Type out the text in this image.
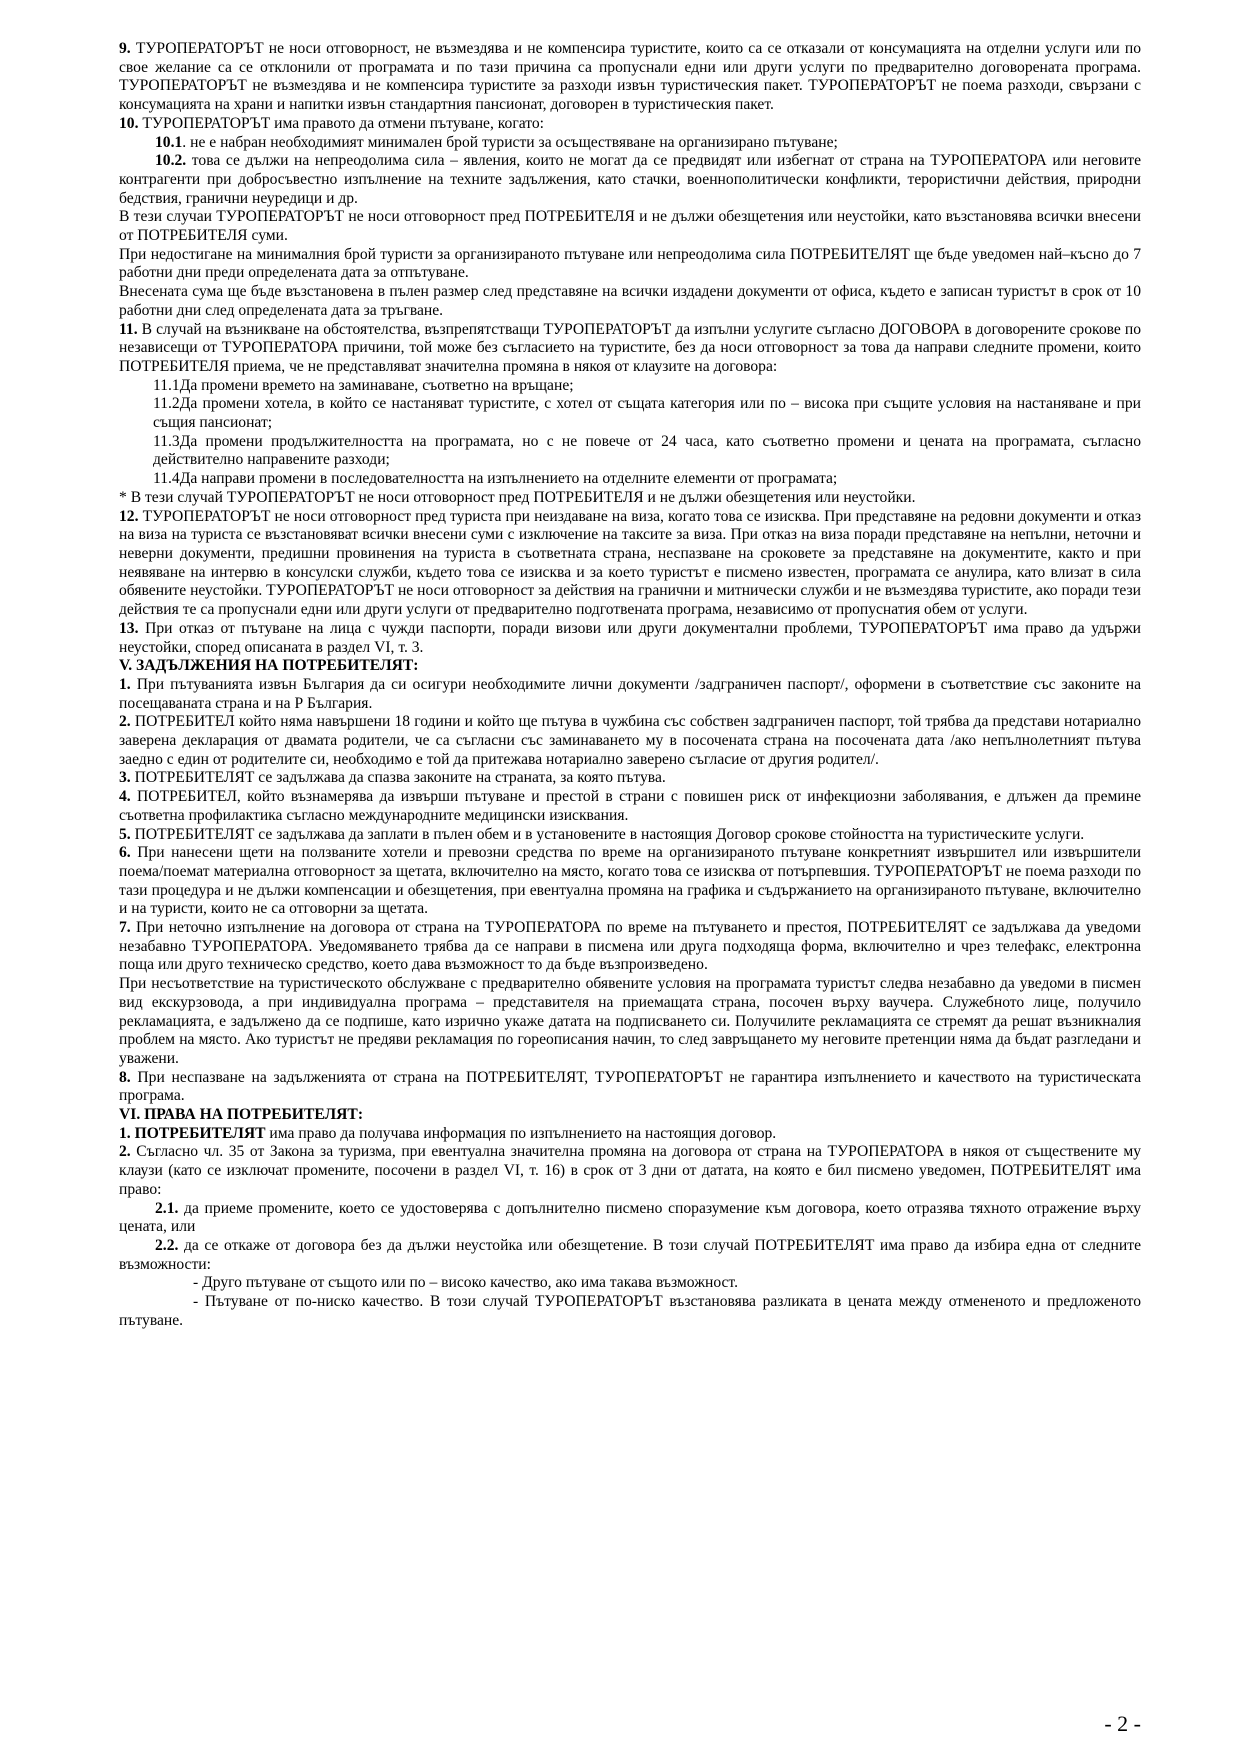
9. ТУРОПЕРАТОРЪТ не носи отговорност, не възмездява и не компенсира туристите, които са се отказали от консумацията на отделни услуги или по свое желание са се отклонили от програмата и по тази причина са пропуснали едни или други услуги по предварително договорената програма. ТУРОПЕРАТОРЪТ не възмездява и не компенсира туристите за разходи извън туристическия пакет. ТУРОПЕРАТОРЪТ не поема разходи, свързани с консумацията на храни и напитки извън стандартния пансионат, договорен в туристическия пакет.

10. ТУРОПЕРАТОРЪТ има правото да отмени пътуване, когато:

10.1. не е набран необходимият минимален брой туристи за осъществяване на организирано пътуване;

10.2. това се дължи на непреодолима сила – явления, които не могат да се предвидят или избегнат от страна на ТУРОПЕРАТОРА или неговите контрагенти при добросъвестно изпълнение на техните задължения, като стачки, военнополитически конфликти, терористични действия, природни бедствия, гранични неуредици и др.

В тези случаи ТУРОПЕРАТОРЪТ не носи отговорност пред ПОТРЕБИТЕЛЯ и не дължи обезщетения или неустойки, като възстановява всички внесени от ПОТРЕБИТЕЛЯ суми.

При недостигане на минималния брой туристи за организираното пътуване или непреодолима сила ПОТРЕБИТЕЛЯТ ще бъде уведомен най–късно до 7 работни дни преди определената дата за отпътуване.

Внесената сума ще бъде възстановена в пълен размер след представяне на всички издадени документи от офиса, където е записан туристът в срок от 10 работни дни след определената дата за тръгване.

11. В случай на възникване на обстоятелства, възпрепятстващи ТУРОПЕРАТОРЪТ да изпълни услугите съгласно ДОГОВОРА в договорените срокове по независещи от ТУРОПЕРАТОРА причини, той може без съгласието на туристите, без да носи отговорност за това да направи следните промени, които ПОТРЕБИТЕЛЯ приема, че не представляват значителна промяна в някоя от клаузите на договора:

11.1Да промени времето на заминаване, съответно на връщане;

11.2Да промени хотела, в който се настаняват туристите, с хотел от същата категория или по – висока при същите условия на настаняване и при същия пансионат;

11.3Да промени продължителността на програмата, но с не повече от 24 часа, като съответно промени и цената на програмата, съгласно действително направените разходи;

11.4Да направи промени в последователността на изпълнението на отделните елементи от програмата;

* В тези случай ТУРОПЕРАТОРЪТ не носи отговорност пред ПОТРЕБИТЕЛЯ и не дължи обезщетения или неустойки.

12. ТУРОПЕРАТОРЪТ не носи отговорност пред туриста при неиздаване на виза, когато това се изисква. При представяне на редовни документи и отказ на виза на туриста се възстановяват всички внесени суми с изключение на таксите за виза. При отказ на виза поради представяне на непълни, неточни и неверни документи, предишни провинения на туриста в съответната страна, неспазване на сроковете за представяне на документите, както и при неявяване на интервю в консулски служби, където това се изисква и за което туристът е писмено известен, програмата се анулира, като влизат в сила обявените неустойки. ТУРОПЕРАТОРЪТ не носи отговорност за действия на гранични и митнически служби и не възмездява туристите, ако поради тези действия те са пропуснали едни или други услуги от предварително подготвената програма, независимо от пропуснатия обем от услуги.

13. При отказ от пътуване на лица с чужди паспорти, поради визови или други документални проблеми, ТУРОПЕРАТОРЪТ има право да удържи неустойки, според описаната в раздел VI, т. 3.

V. ЗАДЪЛЖЕНИЯ НА ПОТРЕБИТЕЛЯТ:

1. При пътуванията извън България да си осигури необходимите лични документи /задграничен паспорт/, оформени в съответствие със законите на посещаваната страна и на Р България.

2. ПОТРЕБИТЕЛ който няма навършени 18 години и който ще пътува в чужбина със собствен задграничен паспорт, той трябва да представи нотариално заверена декларация от двамата родители, че са съгласни със заминаването му в посочената страна на посочената дата /ако непълнолетният пътува заедно с един от родителите си, необходимо е той да притежава нотариално заверено съгласие от другия родител/.

3. ПОТРЕБИТЕЛЯТ се задължава да спазва законите на страната, за която пътува.

4. ПОТРЕБИТЕЛ, който възнамерява да извърши пътуване и престой в страни с повишен риск от инфекциозни заболявания, е длъжен да премине съответна профилактика съгласно международните медицински изисквания.

5. ПОТРЕБИТЕЛЯТ се задължава да заплати в пълен обем и в установените в настоящия Договор срокове стойността на туристическите услуги.

6. При нанесени щети на ползваните хотели и превозни средства по време на организираното пътуване конкретният извършител или извършители поема/поемат материална отговорност за щетата, включително на място, когато това се изисква от потърпевшия. ТУРОПЕРАТОРЪТ не поема разходи по тази процедура и не дължи компенсации и обезщетения, при евентуална промяна на графика и съдържанието на организираното пътуване, включително и на туристи, които не са отговорни за щетата.

7. При неточно изпълнение на договора от страна на ТУРОПЕРАТОРА по време на пътуването и престоя, ПОТРЕБИТЕЛЯТ се задължава да уведоми незабавно ТУРОПЕРАТОРА. Уведомяването трябва да се направи в писмена или друга подходяща форма, включително и чрез телефакс, електронна поща или друго техническо средство, което дава възможност то да бъде възпроизведено.

При несъответствие на туристическото обслужване с предварително обявените условия на програмата туристът следва незабавно да уведоми в писмен вид екскурзовода, а при индивидуална програма – представителя на приемащата страна, посочен върху ваучера. Служебното лице, получило рекламацията, е задължено да се подпише, като изрично укаже датата на подписването си. Получилите рекламацията се стремят да решат възникналия проблем на място. Ако туристът не предяви рекламация по гореописания начин, то след завръщането му неговите претенции няма да бъдат разгледани и уважени.

8. При неспазване на задълженията от страна на ПОТРЕБИТЕЛЯТ, ТУРОПЕРАТОРЪТ не гарантира изпълнението и качеството на туристическата програма.

VI. ПРАВА НА ПОТРЕБИТЕЛЯТ:

1. ПОТРЕБИТЕЛЯТ има право да получава информация по изпълнението на настоящия договор.

2. Съгласно чл. 35 от Закона за туризма, при евентуална значителна промяна на договора от страна на ТУРОПЕРАТОРА в някоя от съществените му клаузи (като се изключат промените, посочени в раздел VI, т. 16) в срок от 3 дни от датата, на която е бил писмено уведомен, ПОТРЕБИТЕЛЯТ има право:

2.1. да приеме промените, което се удостоверява с допълнително писмено споразумение към договора, което отразява тяхното отражение върху цената, или

2.2. да се откаже от договора без да дължи неустойка или обезщетение. В този случай ПОТРЕБИТЕЛЯТ има право да избира една от следните възможности:

- Друго пътуване от същото или по – високо качество, ако има такава възможност.

- Пътуване от по-ниско качество. В този случай ТУРОПЕРАТОРЪТ възстановява разликата в цената между отмененото и предложеното пътуване.

- 2 -
